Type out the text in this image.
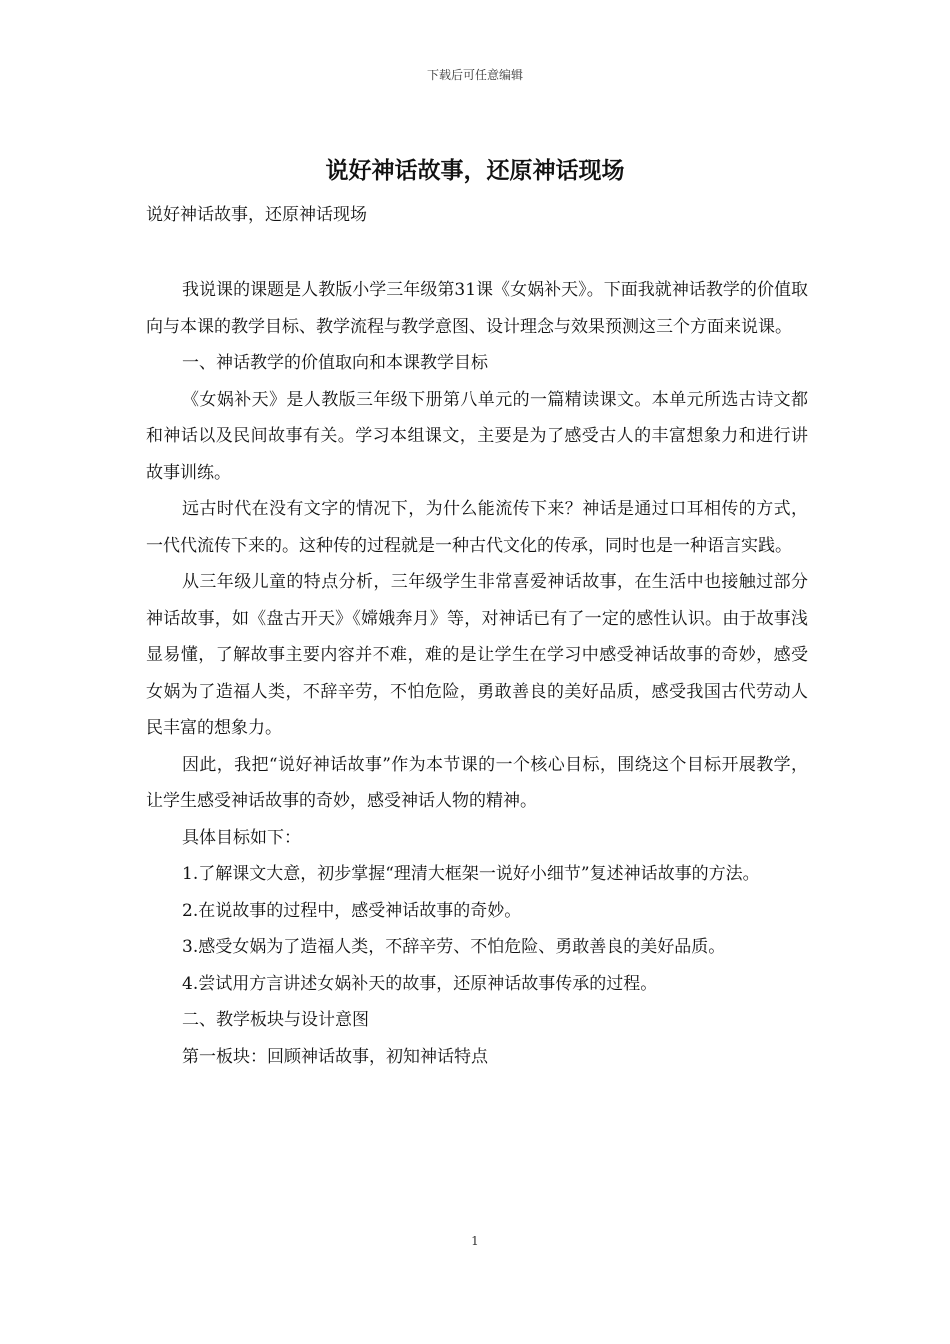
下载后可任意编辑
说好神话故事，还原神话现场

说好神话故事，还原神话现场

我说课的课题是人教版小学三年级第31课《女娲补天》。下面我就神话教学的价值取向与本课的教学目标、教学流程与教学意图、设计理念与效果预测这三个方面来说课。

一、神话教学的价值取向和本课教学目标

《女娲补天》是人教版三年级下册第八单元的一篇精读课文。本单元所选古诗文都和神话以及民间故事有关。学习本组课文，主要是为了感受古人的丰富想象力和进行讲故事训练。

远古时代在没有文字的情况下，为什么能流传下来？神话是通过口耳相传的方式，一代代流传下来的。这种传的过程就是一种古代文化的传承，同时也是一种语言实践。

从三年级儿童的特点分析，三年级学生非常喜爱神话故事，在生活中也接触过部分神话故事，如《盘古开天》《嫦娥奔月》等，对神话已有了一定的感性认识。由于故事浅显易懂，了解故事主要内容并不难，难的是让学生在学习中感受神话故事的奇妙，感受女娲为了造福人类，不辞辛劳，不怕危险，勇敢善良的美好品质，感受我国古代劳动人民丰富的想象力。

因此，我把“说好神话故事”作为本节课的一个核心目标，围绕这个目标开展教学，让学生感受神话故事的奇妙，感受神话人物的精神。

具体目标如下：

1.了解课文大意，初步掌握“理清大框架一说好小细节”复述神话故事的方法。

2.在说故事的过程中，感受神话故事的奇妙。

3.感受女娲为了造福人类，不辞辛劳、不怕危险、勇敢善良的美好品质。

4.尝试用方言讲述女娲补天的故事，还原神话故事传承的过程。

二、教学板块与设计意图

第一板块：回顾神话故事，初知神话特点

1
